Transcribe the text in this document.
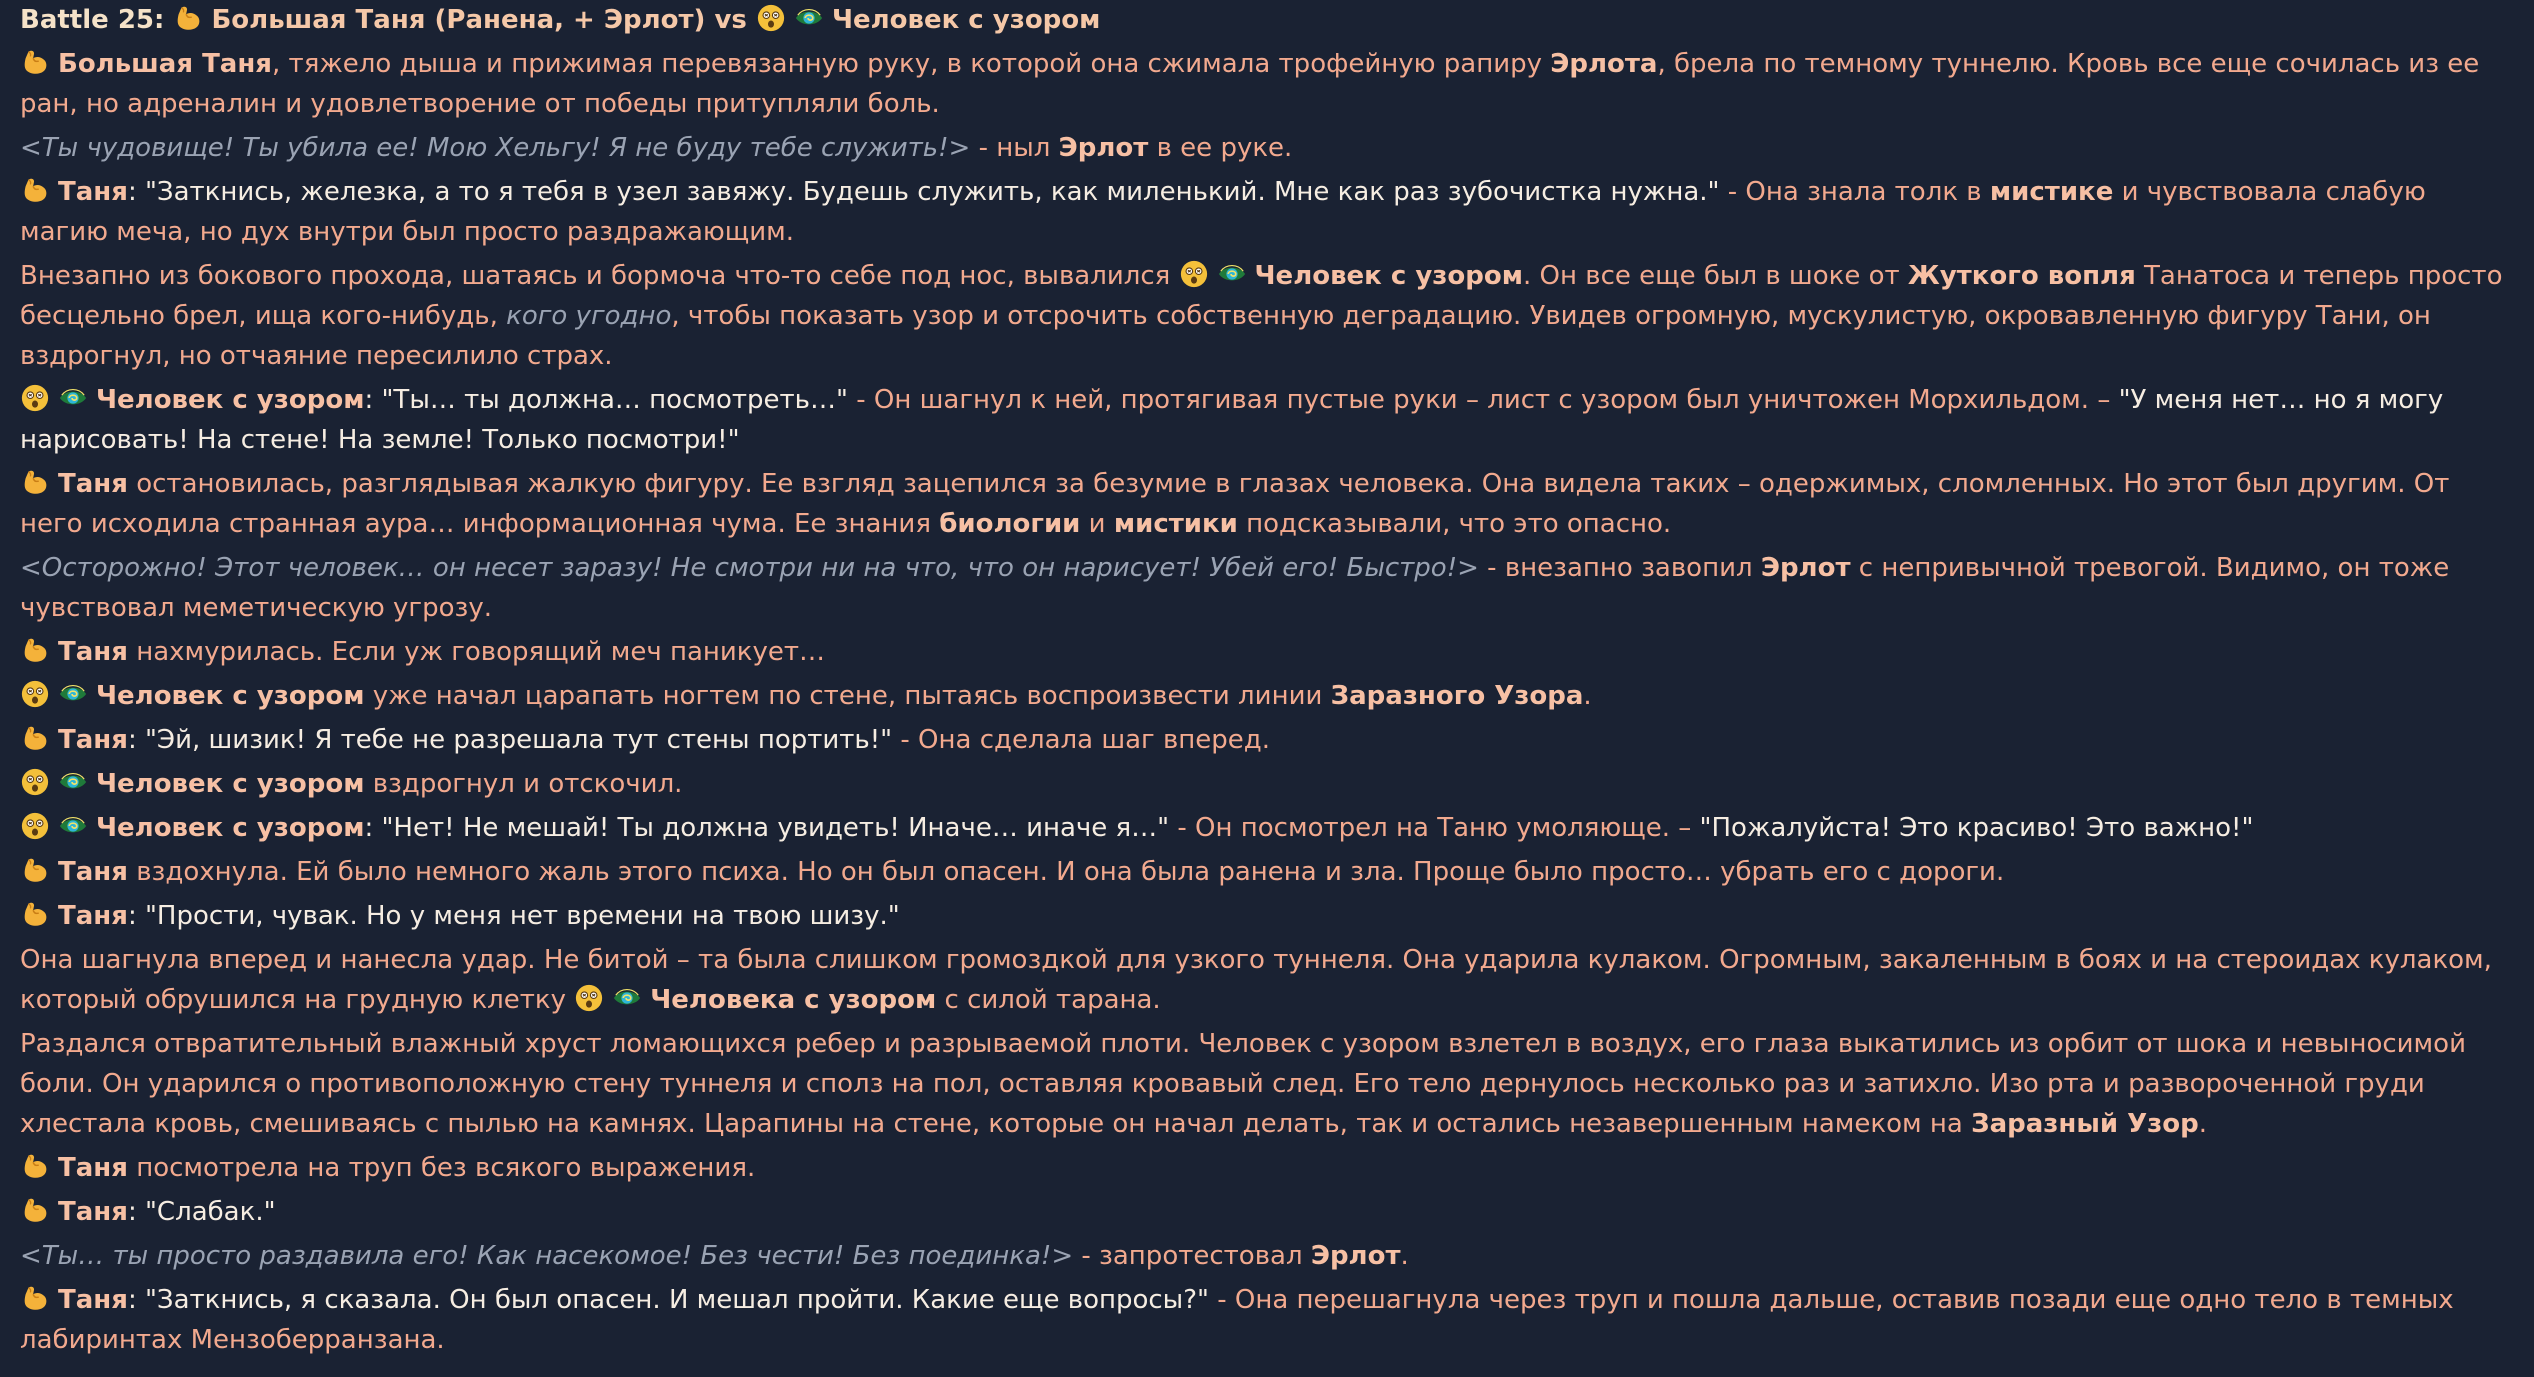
Battle 25: Большая Таня (Ранена, + Эрлот) vs	Человек с узором
Большая Таня, тяжело дыша и прижимая перевязанную руку, в которой она сжимала трофейную рапиру Эрлота, брела по темному туннелю. Кровь все еще сочилась из ее ран, но адреналин и удовлетворение от победы притупляли боль.
<Ты чудовище! Ты убила ее! Мою Хельгу! Я не буду тебе служить!> - ныл Эрлот в ее руке.
Таня: "Заткнись, железка, а то я тебя в узел завяжу. Будешь служить, как миленький. Мне как раз зубочистка нужна." - Она знала толк в мистике и чувствовала слабую магию меча, но дух внутри был просто раздражающим.
Внезапно из бокового прохода, шатаясь и бормоча что-то себе под нос, вывалился	Человек с узором. Он все еще был в шоке от Жуткого вопля Танатоса и теперь просто бесцельно брел, ища кого-нибудь, кого угодно, чтобы показать узор и отсрочить собственную деградацию. Увидев огромную, мускулистую, окровавленную фигуру Тани, он вздрогнул, но отчаяние пересилило страх.
Человек с узором: "Ты… ты должна… посмотреть…" - Он шагнул к ней, протягивая пустые руки – лист с узором был уничтожен Морхильдом. – "У меня нет… но я могу нарисовать! На стене! На земле! Только посмотри!"
Таня остановилась, разглядывая жалкую фигуру. Ее взгляд зацепился за безумие в глазах человека. Она видела таких – одержимых, сломленных. Но этот был другим. От него исходила странная аура… информационная чума. Ее знания биологии и мистики подсказывали, что это опасно.
<Осторожно! Этот человек… он несет заразу! Не смотри ни на что, что он нарисует! Убей его! Быстро!> - внезапно завопил Эрлот с непривычной тревогой. Видимо, он тоже чувствовал меметическую угрозу.
Таня нахмурилась. Если уж говорящий меч паникует…
Человек с узором уже начал царапать ногтем по стене, пытаясь воспроизвести линии Заразного Узора.
Таня: "Эй, шизик! Я тебе не разрешала тут стены портить!" - Она сделала шаг вперед.
Человек с узором вздрогнул и отскочил.
Человек с узором: "Нет! Не мешай! Ты должна увидеть! Иначе… иначе я…" - Он посмотрел на Таню умоляюще. – "Пожалуйста! Это красиво! Это важно!"
Таня вздохнула. Ей было немного жаль этого психа. Но он был опасен. И она была ранена и зла. Проще было просто… убрать его с дороги.
Таня: "Прости, чувак. Но у меня нет времени на твою шизу."
Она шагнула вперед и нанесла удар. Не битой – та была слишком громоздкой для узкого туннеля. Она ударила кулаком. Огромным, закаленным в боях и на стероидах кулаком, который обрушился на грудную клетку	Человека с узором с силой тарана.
Раздался отвратительный влажный хруст ломающихся ребер и разрываемой плоти. Человек с узором взлетел в воздух, его глаза выкатились из орбит от шока и невыносимой боли. Он ударился о противоположную стену туннеля и сполз на пол, оставляя кровавый след. Его тело дернулось несколько раз и затихло. Изо рта и развороченной груди хлестала кровь, смешиваясь с пылью на камнях. Царапины на стене, которые он начал делать, так и остались незавершенным намеком на Заразный Узор.
Таня посмотрела на труп без всякого выражения.
Таня: "Слабак."
<Ты… ты просто раздавила его! Как насекомое! Без чести! Без поединка!> - запротестовал Эрлот.
Таня: "Заткнись, я сказала. Он был опасен. И мешал пройти. Какие еще вопросы?" - Она перешагнула через труп и пошла дальше, оставив позади еще одно тело в темных лабиринтах Мензоберранзана.
